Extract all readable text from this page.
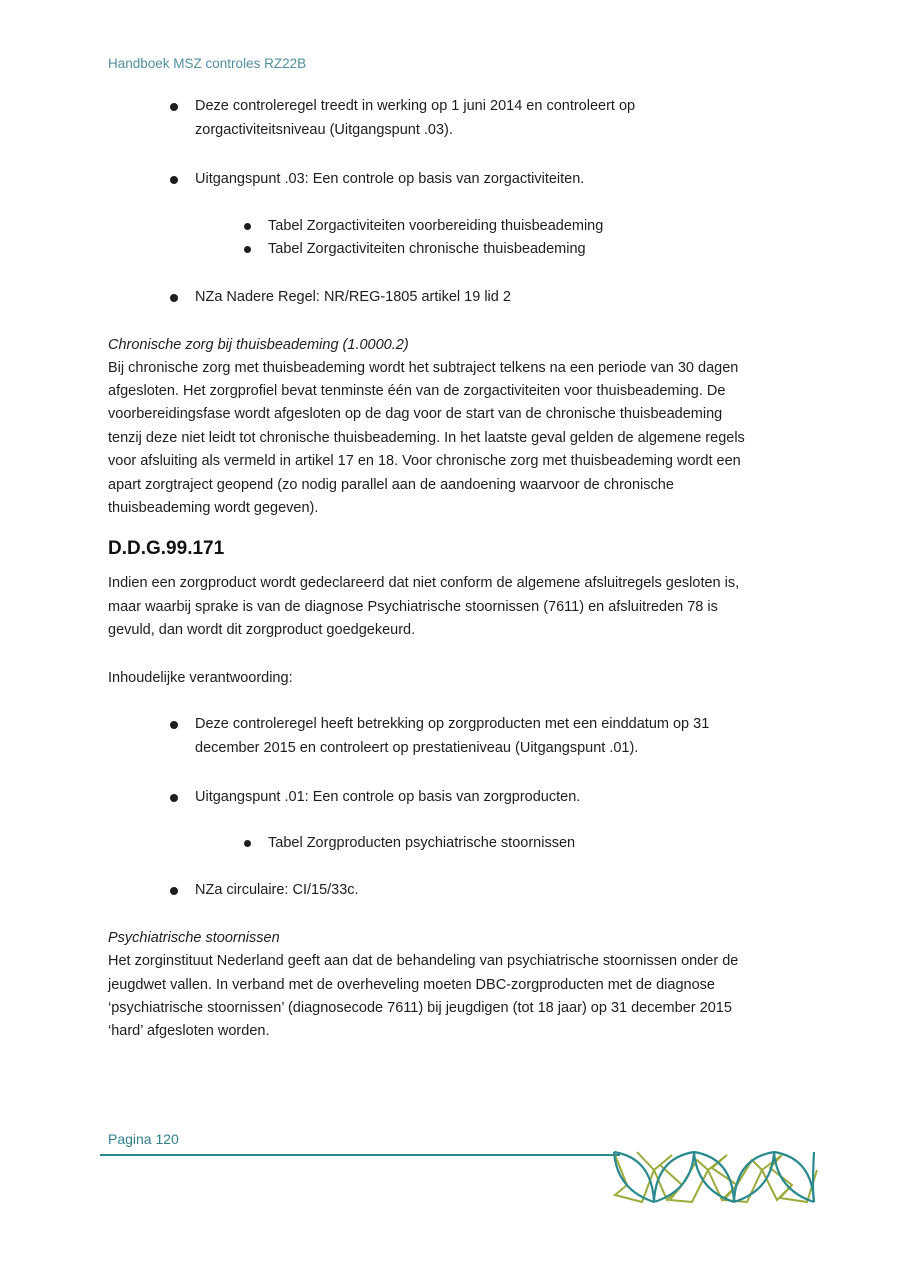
Handboek MSZ controles RZ22B
Deze controleregel treedt in werking op 1 juni 2014 en controleert op
zorgactiviteitsniveau (Uitgangspunt .03).
Uitgangspunt .03: Een controle op basis van zorgactiviteiten.
Tabel Zorgactiviteiten voorbereiding thuisbeademing
Tabel Zorgactiviteiten chronische thuisbeademing
NZa Nadere Regel: NR/REG-1805 artikel 19 lid 2
Chronische zorg bij thuisbeademing (1.0000.2)
Bij chronische zorg met thuisbeademing wordt het subtraject telkens na een periode van 30 dagen
afgesloten. Het zorgprofiel bevat tenminste één van de zorgactiviteiten voor thuisbeademing. De
voorbereidingsfase wordt afgesloten op de dag voor de start van de chronische thuisbeademing
tenzij deze niet leidt tot chronische thuisbeademing. In het laatste geval gelden de algemene regels
voor afsluiting als vermeld in artikel 17 en 18. Voor chronische zorg met thuisbeademing wordt een
apart zorgtraject geopend (zo nodig parallel aan de aandoening waarvoor de chronische
thuisbeademing wordt gegeven).
D.D.G.99.171
Indien een zorgproduct wordt gedeclareerd dat niet conform de algemene afsluitregels gesloten is,
maar waarbij sprake is van de diagnose Psychiatrische stoornissen (7611) en afsluitreden 78 is
gevuld, dan wordt dit zorgproduct goedgekeurd.
Inhoudelijke verantwoording:
Deze controleregel heeft betrekking op zorgproducten met een einddatum op 31
december 2015 en controleert op prestatieniveau (Uitgangspunt .01).
Uitgangspunt .01: Een controle op basis van zorgproducten.
Tabel Zorgproducten psychiatrische stoornissen
NZa circulaire: CI/15/33c.
Psychiatrische stoornissen
Het zorginstituut Nederland geeft aan dat de behandeling van psychiatrische stoornissen onder de
jeugdwet vallen. In verband met de overheveling moeten DBC-zorgproducten met de diagnose
‘psychiatrische stoornissen’ (diagnosecode 7611) bij jeugdigen (tot 18 jaar) op 31 december 2015
‘hard’ afgesloten worden.
Pagina 120
